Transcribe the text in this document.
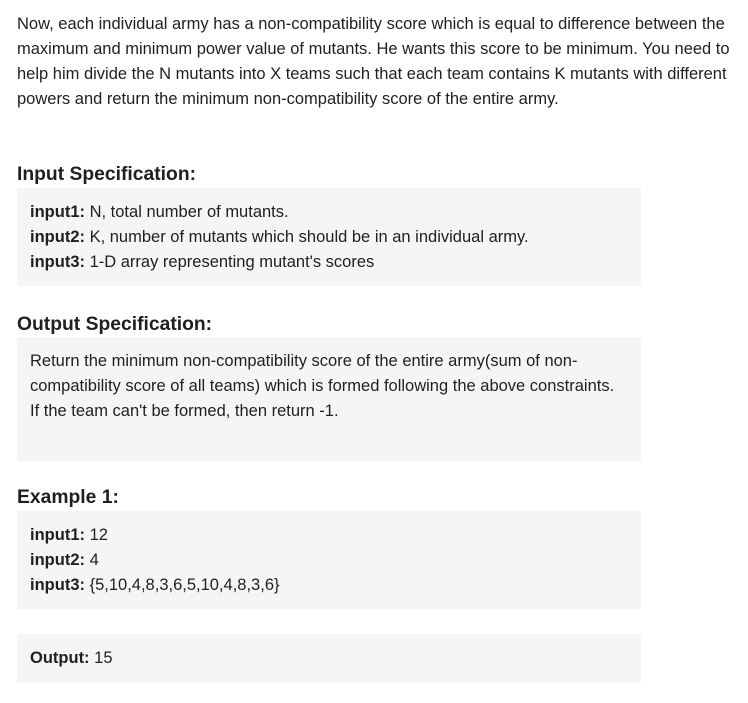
Now, each individual army has a non-compatibility score which is equal to difference between the maximum and minimum power value of mutants. He wants this score to be minimum. You need to help him divide the N mutants into X teams such that each team contains K mutants with different powers and return the minimum non-compatibility score of the entire army.

Input Specification:

input1: N, total number of mutants.

input2: K, number of mutants which should be in an individual army.

input3: 1-D array representing mutant's scores

Output Specification:

Return the minimum non-compatibility score of the entire army(sum of non-compatibility score of all teams) which is formed following the above constraints.

If the team can't be formed, then return -1.

Example 1:

input1: 12

input2: 4

input3: {5,10,4,8,3,6,5,10,4,8,3,6}

Output: 15
